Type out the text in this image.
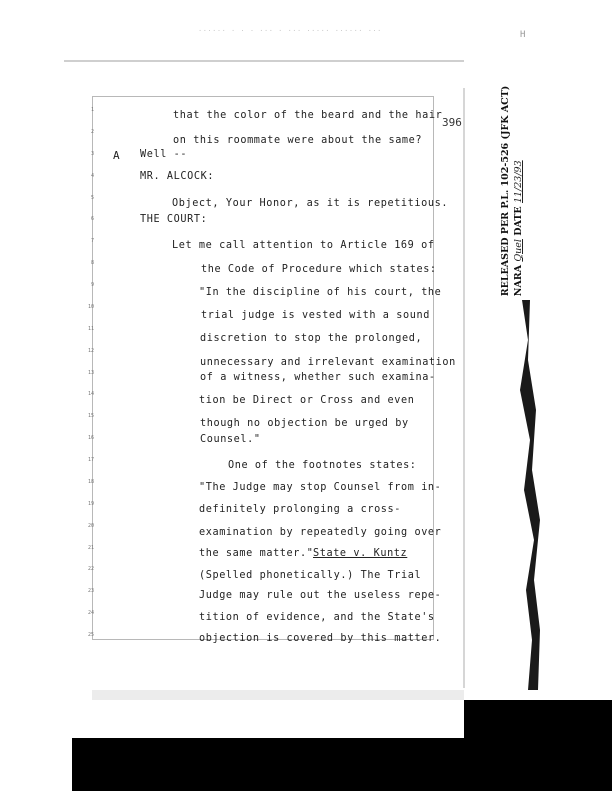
...... . . . ... . ... ..... ...... ...
H
396
A
1
2
3
4
5
6
7
8
9
10
11
12
13
14
15
16
17
18
19
20
21
22
23
24
25
that the color of the beard and the hair
on this roommate were about the same?
Well --
MR. ALCOCK:
Object, Your Honor, as it is repetitious.
THE COURT:
Let me call attention to Article 169 of
the Code of Procedure which states:
"In the discipline of his court, the
trial judge is vested with a sound
discretion to stop the prolonged,
unnecessary and irrelevant examination
of a witness, whether such examina-
tion be Direct or Cross and even
though no objection be urged by
Counsel."
One of the footnotes states:
"The Judge may stop Counsel from in-
definitely prolonging a cross-
examination by repeatedly going over
the same matter." State v. Kuntz
(Spelled phonetically.) The Trial
Judge may rule out the useless repe-
tition of evidence, and the State's
objection is covered by this matter.
RELEASED PER P.L. 102-526 (JFK ACT) NARA Quel DATE 11/23/93
